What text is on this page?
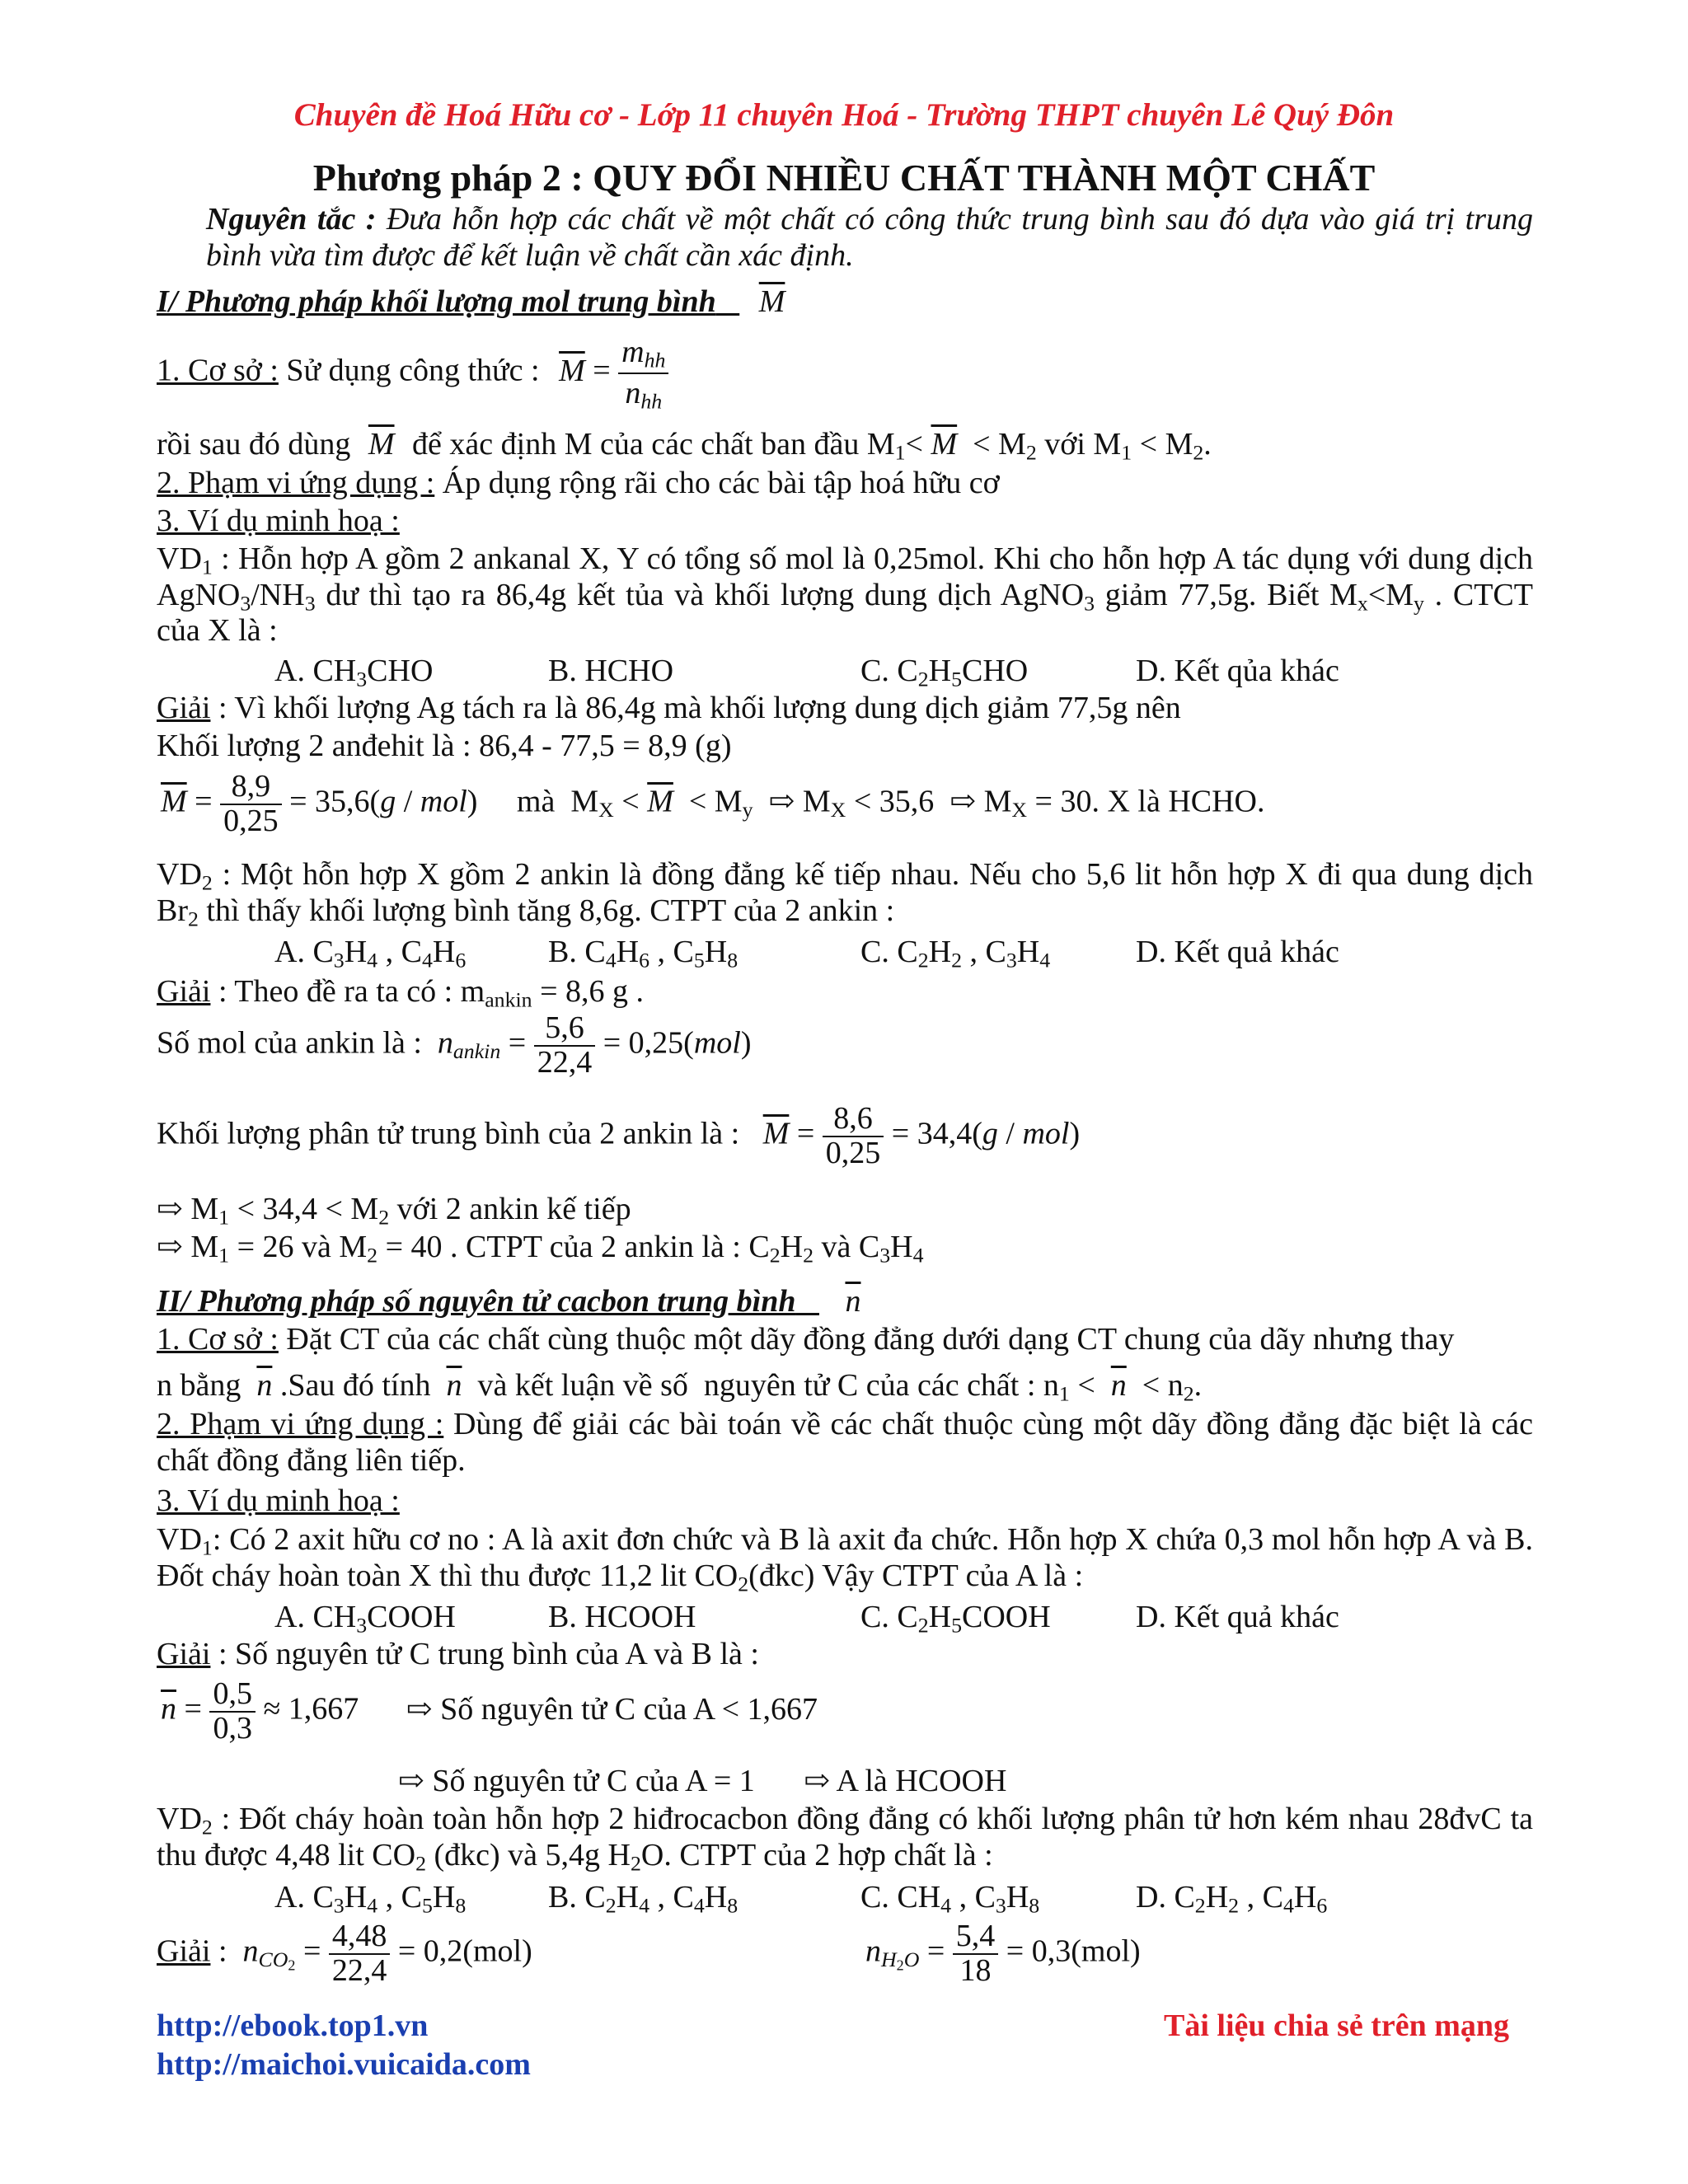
Chuyên đề Hoá Hữu cơ - Lớp 11 chuyên Hoá - Trường THPT chuyên Lê Quý Đôn
Phương pháp 2 : QUY ĐỔI NHIỀU CHẤT THÀNH MỘT CHẤT
Nguyên tắc : Đưa hỗn hợp các chất về một chất có công thức trung bình sau đó dựa vào giá trị trung bình vừa tìm được để kết luận về chất cần xác định.
I/ Phương pháp khối lượng mol trung bình $\overline{M}$
1. Cơ sở : Sử dụng công thức : $\overline{M} = \frac{m_{hh}}{n_{hh}}$
rồi sau đó dùng $\overline{M}$ để xác định M của các chất ban đầu $M_1< \overline{M} < M_2$ với $M_1 < M_2$.
2. Phạm vi ứng dụng : Áp dụng rộng rãi cho các bài tập hoá hữu cơ
3. Ví dụ minh hoạ :
$VD_1$ : Hỗn hợp A gồm 2 ankanal X, Y có tổng số mol là 0,25mol. Khi cho hỗn hợp A tác dụng với dung dịch $AgNO_3/NH_3$ dư thì tạo ra 86,4g kết tủa và khối lượng dung dịch AgNO$_3$ giảm 77,5g. Biết $M_x<M_y$ . CTCT của X là :
A. $CH_3CHO$	B. HCHO	C. $C_2H_5CHO$	D. Kết qủa khác
Giải : Vì khối lượng Ag tách ra là 86,4g mà khối lượng dung dịch giảm 77,5g nên
Khối lượng 2 anđehit là : 86,4 - 77,5 = 8,9 (g)
$\overline{M} = \frac{8,9}{0,25} = 35,6(g / mol)$     mà  $M_X < \overline{M} < M_y$  ⇨ $M_X < 35,6$  ⇨ $M_X = 30$. X là HCHO.
$VD_2$ : Một hỗn hợp X gồm 2 ankin là đồng đẳng kế tiếp nhau. Nếu cho 5,6 lit hỗn hợp X đi qua dung dịch $Br_2$ thì thấy khối lượng bình tăng 8,6g. CTPT của 2 ankin :
A. $C_3H_4$ , $C_4H_6$	B. $C_4H_6$ , $C_5H_8$	C. $C_2H_2$ , $C_3H_4$	D. Kết quả khác
Giải : Theo đề ra ta có : $m_{ankin} = 8,6$ g .
Số mol của ankin là : $n_{ankin} = \frac{5,6}{22,4} = 0,25(mol)$
Khối lượng phân tử trung bình của 2 ankin là : $\overline{M} = \frac{8,6}{0,25} = 34,4(g / mol)$
⇨ $M_1 < 34,4 < M_2$ với 2 ankin kế tiếp
⇨ $M_1 = 26$ và $M_2 = 40$ . CTPT của 2 ankin là : $C_2H_2$ và $C_3H_4$
II/ Phương pháp số nguyên tử cacbon trung bình $\overline{n}$
1. Cơ sở : Đặt CT của các chất cùng thuộc một dãy đồng đẳng dưới dạng CT chung của dãy nhưng thay
n bằng  $\overline{n}$ .Sau đó tính  $\overline{n}$  và kết luận về số  nguyên tử C của các chất : $n_1 < \overline{n} < n_2$.
2. Phạm vi ứng dụng : Dùng để giải các bài toán về các chất thuộc cùng một dãy đồng đẳng đặc biệt là các chất đồng đẳng liên tiếp.
3. Ví dụ minh hoạ :
$VD_1$: Có 2 axit hữu cơ no : A là axit đơn chức và B là axit đa chức. Hỗn hợp X chứa 0,3 mol hỗn hợp A và B. Đốt cháy hoàn toàn X thì thu được 11,2 lit $CO_2(đkc)$ Vậy CTPT của A là :
A. $CH_3COOH$	B. HCOOH	C. $C_2H_5COOH$	D. Kết quả khác
Giải : Số nguyên tử C trung bình của A và B là :
$\overline{n} = \frac{0,5}{0,3} \approx 1,667$ ⇨ Số nguyên tử C của A < 1,667
⇨ Số nguyên tử C của A = 1 ⇨ A là HCOOH
$VD_2$ : Đốt cháy hoàn toàn hỗn hợp 2 hiđrocacbon đồng đẳng có khối lượng phân tử hơn kém nhau 28đvC ta thu được 4,48 lit $CO_2$ (đkc) và 5,4g $H_2O$. CTPT của 2 hợp chất là :
A. $C_3H_4$ , $C_5H_8$	B. $C_2H_4$ , $C_4H_8$	C. $CH_4$ , $C_3H_8$	D. $C_2H_2$ , $C_4H_6$
Giải :  $n_{CO_2} = \frac{4,48}{22,4} = 0,2(mol)$	$n_{H_2O} = \frac{5,4}{18} = 0,3(mol)$
http://ebook.top1.vn
http://maichoi.vuicaida.com
Tài liệu chia sẻ trên mạng
